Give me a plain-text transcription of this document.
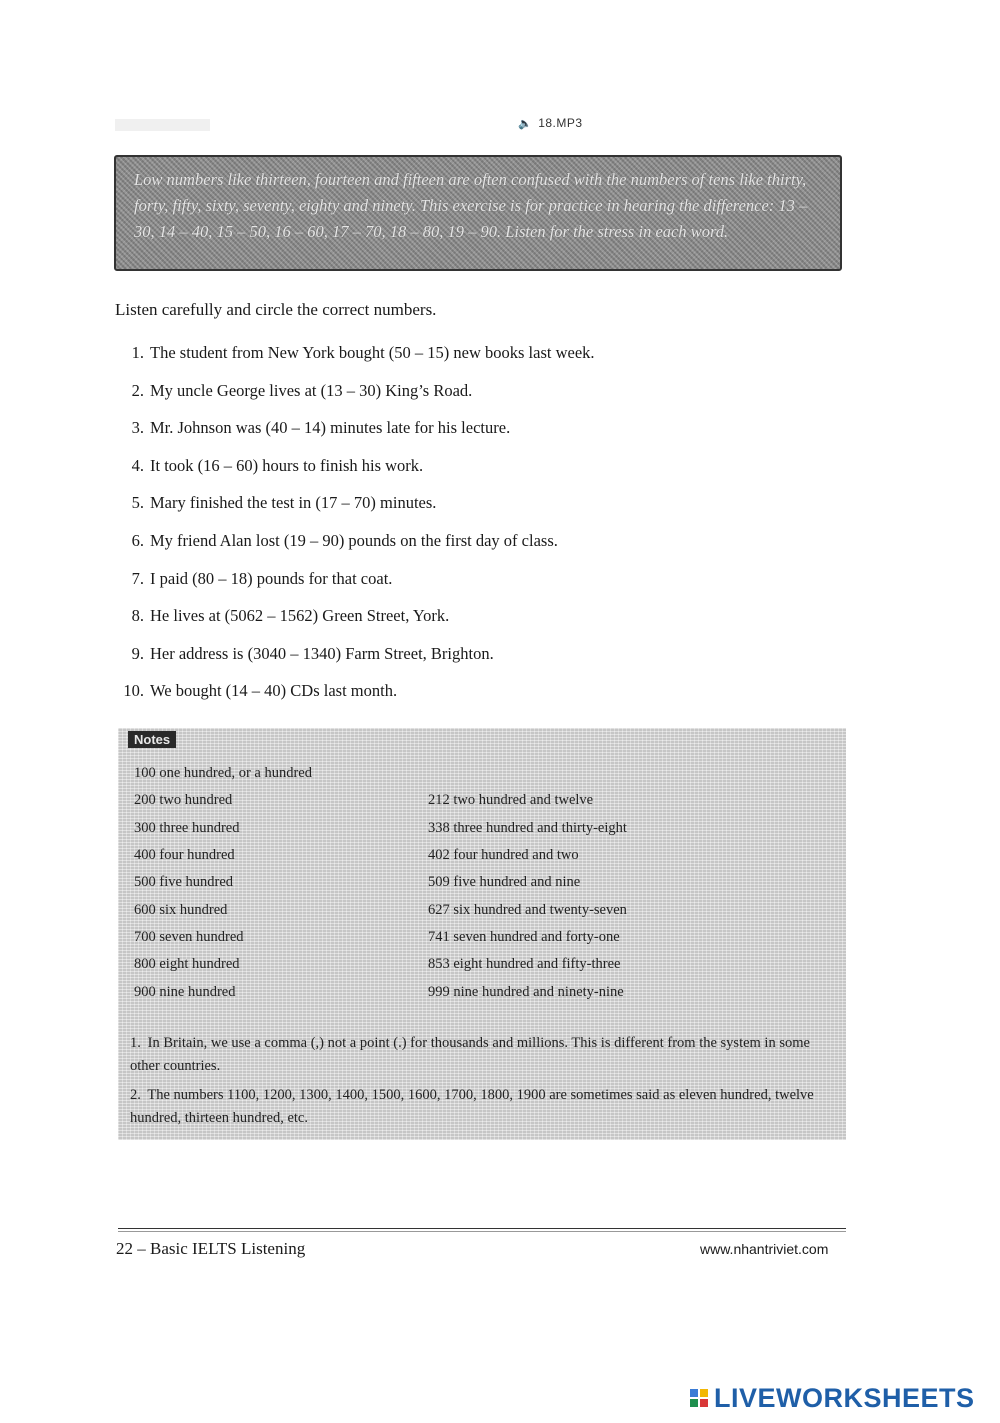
🔈 18.MP3
Low numbers like thirteen, fourteen and fifteen are often confused with the numbers of tens like thirty, forty, fifty, sixty, seventy, eighty and ninety. This exercise is for practice in hearing the difference: 13 – 30, 14 – 40, 15 – 50, 16 – 60, 17 – 70, 18 – 80, 19 – 90. Listen for the stress in each word.
Listen carefully and circle the correct numbers.
1. The student from New York bought (50 – 15) new books last week.
2. My uncle George lives at (13 – 30) King’s Road.
3. Mr. Johnson was (40 – 14) minutes late for his lecture.
4. It took (16 – 60) hours to finish his work.
5. Mary finished the test in (17 – 70) minutes.
6. My friend Alan lost (19 – 90) pounds on the first day of class.
7. I paid (80 – 18) pounds for that coat.
8. He lives at (5062 – 1562) Green Street, York.
9. Her address is (3040 – 1340) Farm Street, Brighton.
10. We bought (14 – 40) CDs last month.
Notes
100 one hundred, or a hundred
200 two hundred
300 three hundred
400 four hundred
500 five hundred
600 six hundred
700 seven hundred
800 eight hundred
900 nine hundred
212 two hundred and twelve
338 three hundred and thirty-eight
402 four hundred and two
509 five hundred and nine
627 six hundred and twenty-seven
741 seven hundred and forty-one
853 eight hundred and fifty-three
999 nine hundred and ninety-nine
1. In Britain, we use a comma (,) not a point (.) for thousands and millions. This is different from the system in some other countries.
2. The numbers 1100, 1200, 1300, 1400, 1500, 1600, 1700, 1800, 1900 are sometimes said as eleven hundred, twelve hundred, thirteen hundred, etc.
22 – Basic IELTS Listening	www.nhantriviet.com
LIVEWORKSHEETS
